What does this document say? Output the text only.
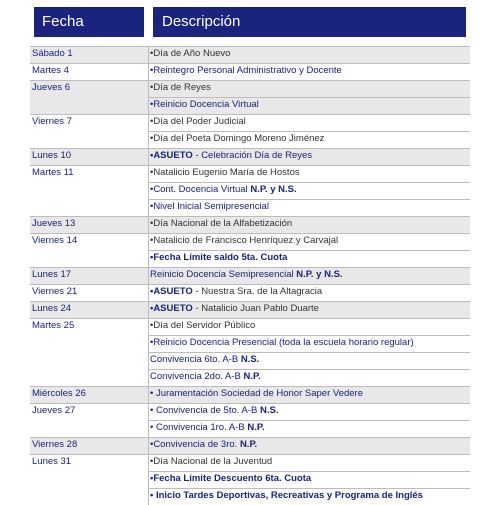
Fecha	Descripción
Sábado 1	•Día de Año Nuevo
Martes 4	•Reintegro Personal Administrativo y Docente
Jueves 6	•Día de Reyes
•Reinicio Docencia Virtual
Viernes 7	•Día del Poder Judicial
•Día del Poeta Domingo Moreno Jiménez
Lunes 10	•ASUETO - Celebración Día de Reyes
Martes 11	•Natalicio Eugenio María de Hostos
•Cont. Docencia Virtual N.P. y N.S.
•Nivel Inicial Semipresencial
Jueves 13	•Día Nacional de la Alfabetización
Viernes 14	•Natalicio de Francisco Henríquez y Carvajal
•Fecha Límite saldo 5ta. Cuota
Lunes 17	Reinicio Docencia Semipresencial N.P. y N.S.
Viernes 21	•ASUETO - Nuestra Sra. de la Altagracia
Lunes 24	•ASUETO - Natalicio Juan Pablo Duarte
Martes 25	•Día del Servidor Público
•Reinicio Docencia Presencial (toda la escuela horario regular)
Convivencia 6to. A-B N.S.
Convivencia 2do. A-B N.P.
Miércoles 26	• Juramentación Sociedad de Honor Saper Vedere
Jueves 27	• Convivencia de 5to. A-B N.S.
• Convivencia 1ro. A-B N.P.
Viernes 28	•Convivencia de 3ro. N.P.
Lunes 31	•Día Nacional de la Juventud
•Fecha Límite Descuento 6ta. Cuota
• Inicio Tardes Deportivas, Recreativas y Programa de Inglés
